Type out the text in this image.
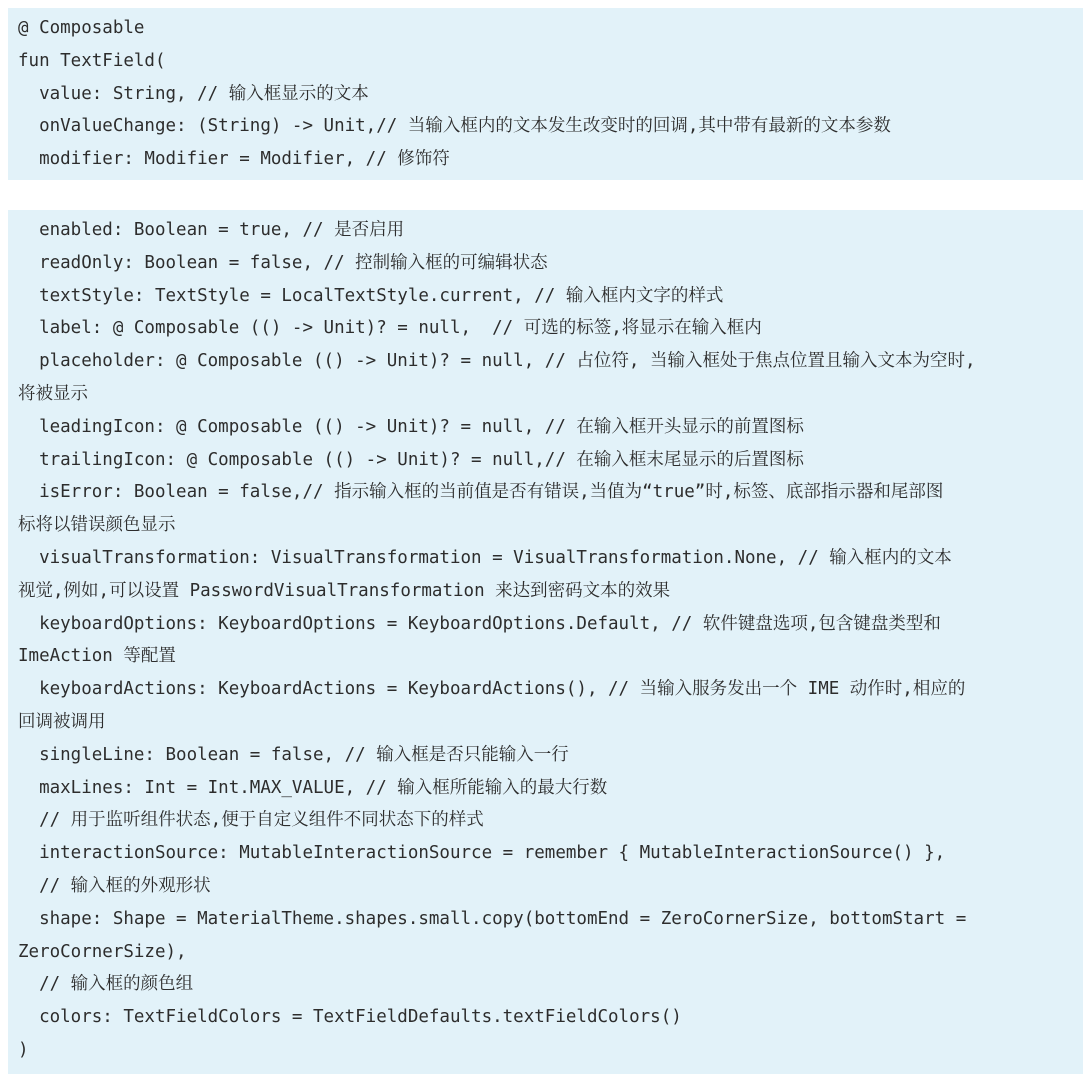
@ Composable
fun TextField(
value: String, // 输入框显示的文本
onValueChange: (String) -> Unit,// 当输入框内的文本发生改变时的回调,其中带有最新的文本参数
modifier: Modifier = Modifier, // 修饰符
enabled: Boolean = true, // 是否启用
readOnly: Boolean = false, // 控制输入框的可编辑状态
textStyle: TextStyle = LocalTextStyle.current, // 输入框内文字的样式
label: @ Composable (() -> Unit)? = null,  // 可选的标签,将显示在输入框内
placeholder: @ Composable (() -> Unit)? = null, // 占位符, 当输入框处于焦点位置且输入文本为空时,
将被显示
leadingIcon: @ Composable (() -> Unit)? = null, // 在输入框开头显示的前置图标
trailingIcon: @ Composable (() -> Unit)? = null,// 在输入框末尾显示的后置图标
isError: Boolean = false,// 指示输入框的当前值是否有错误,当值为“true”时,标签、底部指示器和尾部图
标将以错误颜色显示
visualTransformation: VisualTransformation = VisualTransformation.None, // 输入框内的文本
视觉,例如,可以设置 PasswordVisualTransformation 来达到密码文本的效果
keyboardOptions: KeyboardOptions = KeyboardOptions.Default, // 软件键盘选项,包含键盘类型和
ImeAction 等配置
keyboardActions: KeyboardActions = KeyboardActions(), // 当输入服务发出一个 IME 动作时,相应的
回调被调用
singleLine: Boolean = false, // 输入框是否只能输入一行
maxLines: Int = Int.MAX_VALUE, // 输入框所能输入的最大行数
// 用于监听组件状态,便于自定义组件不同状态下的样式
interactionSource: MutableInteractionSource = remember { MutableInteractionSource() },
// 输入框的外观形状
shape: Shape = MaterialTheme.shapes.small.copy(bottomEnd = ZeroCornerSize, bottomStart =
ZeroCornerSize),
// 输入框的颜色组
colors: TextFieldColors = TextFieldDefaults.textFieldColors()
)
